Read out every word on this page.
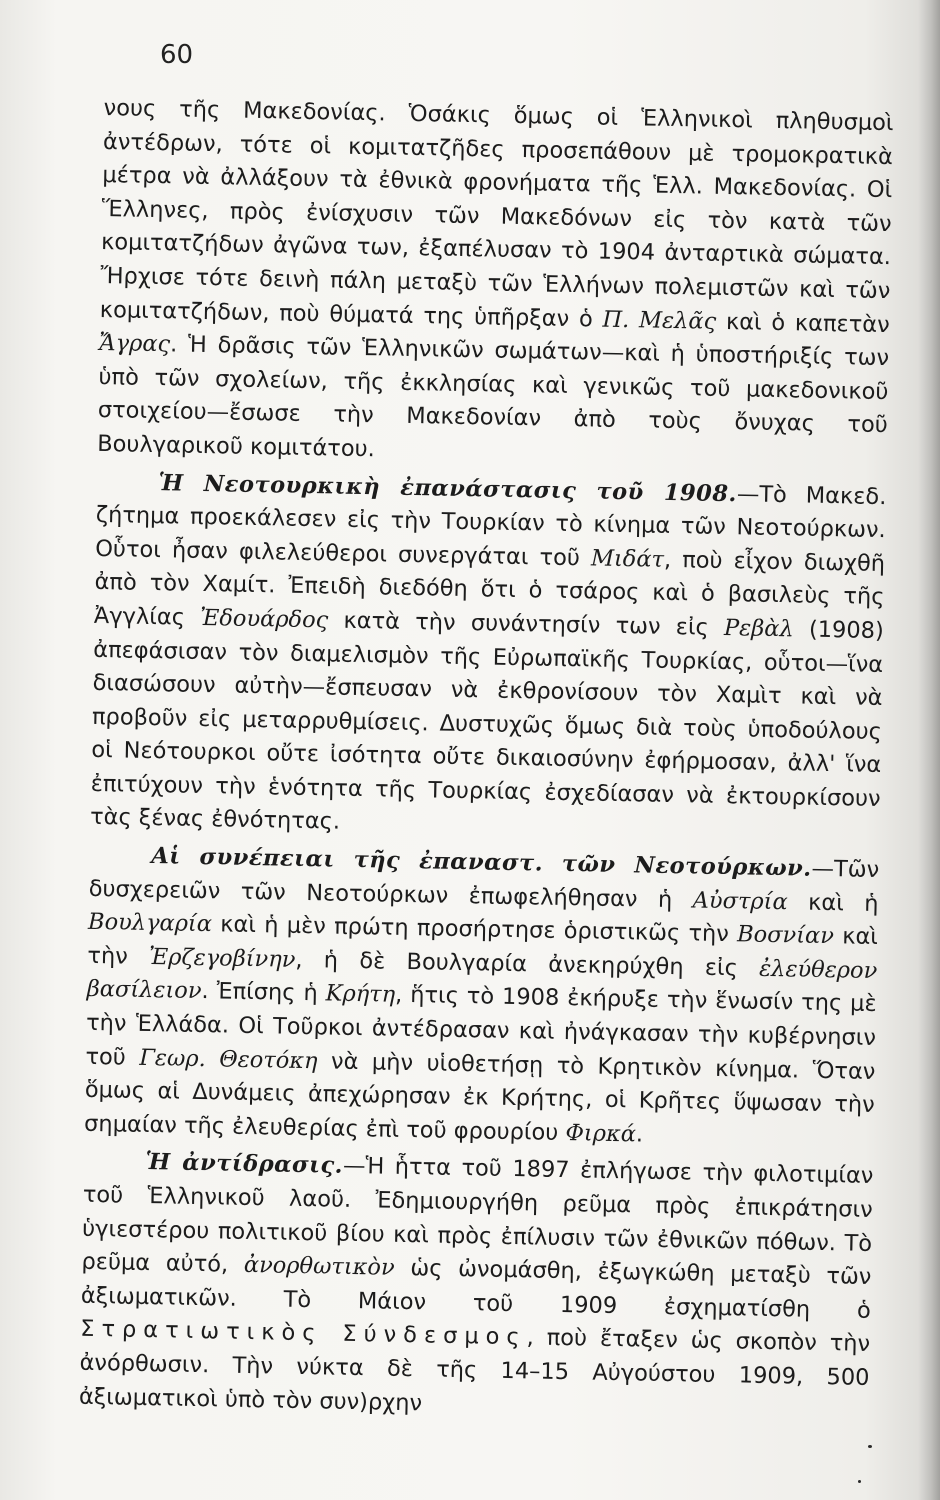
60

νους τῆς Μακεδονίας. Ὁσάκις ὅμως οἱ Ἑλληνικοὶ πληθυσμοὶ ἀντέδρων, τότε οἱ κομιτατζῆδες προσεπάθουν μὲ τρομοκρατικὰ μέτρα νὰ ἀλλάξουν τὰ ἐθνικὰ φρονήματα τῆς Ἑλλ. Μακεδονίας. Οἱ Ἕλληνες, πρὸς ἐνίσχυσιν τῶν Μακεδόνων εἰς τὸν κατὰ τῶν κομιτατζήδων ἀγῶνα των, ἐξαπέλυσαν τὸ 1904 ἀνταρτικὰ σώματα. Ἤρχισε τότε δεινὴ πάλη μεταξὺ τῶν Ἑλλήνων πολεμιστῶν καὶ τῶν κομιτατζήδων, ποὺ θύματά της ὑπῆρξαν ὁ Π. Μελᾶς καὶ ὁ καπετὰν Ἄγρας. Ἡ δρᾶσις τῶν Ἑλληνικῶν σωμάτων—καὶ ἡ ὑποστήριξίς των ὑπὸ τῶν σχολείων, τῆς ἐκκλησίας καὶ γενικῶς τοῦ μακεδονικοῦ στοιχείου—ἔσωσε τὴν Μακεδονίαν ἀπὸ τοὺς ὄνυχας τοῦ Βουλγαρικοῦ κομιτάτου.

Ἡ Νεοτουρκικὴ ἐπανάστασις τοῦ 1908.—Τὸ Μακεδ. ζήτημα προεκάλεσεν εἰς τὴν Τουρκίαν τὸ κίνημα τῶν Νεοτούρκων. Οὗτοι ἦσαν φιλελεύθεροι συνεργάται τοῦ Μιδάτ, ποὺ εἶχον διωχθῆ ἀπὸ τὸν Χαμίτ. Ἐπειδὴ διεδόθη ὅτι ὁ τσάρος καὶ ὁ βασιλεὺς τῆς Ἀγγλίας Ἐδουάρδος κατὰ τὴν συνάντησίν των εἰς Ρεβὰλ (1908) ἀπεφάσισαν τὸν διαμελισμὸν τῆς Εὐρωπαϊκῆς Τουρκίας, οὗτοι—ἵνα διασώσουν αὐτὴν—ἔσπευσαν νὰ ἐκθρονίσουν τὸν Χαμὶτ καὶ νὰ προβοῦν εἰς μεταρρυθμίσεις. Δυστυχῶς ὅμως διὰ τοὺς ὑποδούλους οἱ Νεότουρκοι οὔτε ἰσότητα οὔτε δικαιοσύνην ἐφήρμοσαν, ἀλλ' ἵνα ἐπιτύχουν τὴν ἑνότητα τῆς Τουρκίας ἐσχεδίασαν νὰ ἐκτουρκίσουν τὰς ξένας ἐθνότητας.

Αἱ συνέπειαι τῆς ἐπαναστ. τῶν Νεοτούρκων.—Τῶν δυσχερειῶν τῶν Νεοτούρκων ἐπωφελήθησαν ἡ Αὐστρία καὶ ἡ Βουλγαρία καὶ ἡ μὲν πρώτη προσήρτησε ὁριστικῶς τὴν Βοσνίαν καὶ τὴν Ἐρζεγοβίνην, ἡ δὲ Βουλγαρία ἀνεκηρύχθη εἰς ἐλεύθερον βασίλειον. Ἐπίσης ἡ Κρήτη, ἥτις τὸ 1908 ἐκήρυξε τὴν ἕνωσίν της μὲ τὴν Ἑλλάδα. Οἱ Τοῦρκοι ἀντέδρασαν καὶ ἠνάγκασαν τὴν κυβέρνησιν τοῦ Γεωρ. Θεοτόκη νὰ μὴν υἱοθετήσῃ τὸ Κρητικὸν κίνημα. Ὅταν ὅμως αἱ Δυνάμεις ἀπεχώρησαν ἐκ Κρήτης, οἱ Κρῆτες ὕψωσαν τὴν σημαίαν τῆς ἐλευθερίας ἐπὶ τοῦ φρουρίου Φιρκά.

Ἡ ἀντίδρασις.—Ἡ ἧττα τοῦ 1897 ἐπλήγωσε τὴν φιλοτιμίαν τοῦ Ἑλληνικοῦ λαοῦ. Ἐδημιουργήθη ρεῦμα πρὸς ἐπικράτησιν ὑγιεστέρου πολιτικοῦ βίου καὶ πρὸς ἐπίλυσιν τῶν ἐθνικῶν πόθων. Τὸ ρεῦμα αὐτό, ἀνορθωτικὸν ὡς ὠνομάσθη, ἐξωγκώθη μεταξὺ τῶν ἀξιωματικῶν. Τὸ Μάιον τοῦ 1909 ἐσχηματίσθη ὁ Στρατιωτικὸς Σύνδεσμος, ποὺ ἔταξεν ὡς σκοπὸν τὴν ἀνόρθωσιν. Τὴν νύκτα δὲ τῆς 14–15 Αὐγούστου 1909, 500 ἀξιωματικοὶ ὑπὸ τὸν συν)ρχην
